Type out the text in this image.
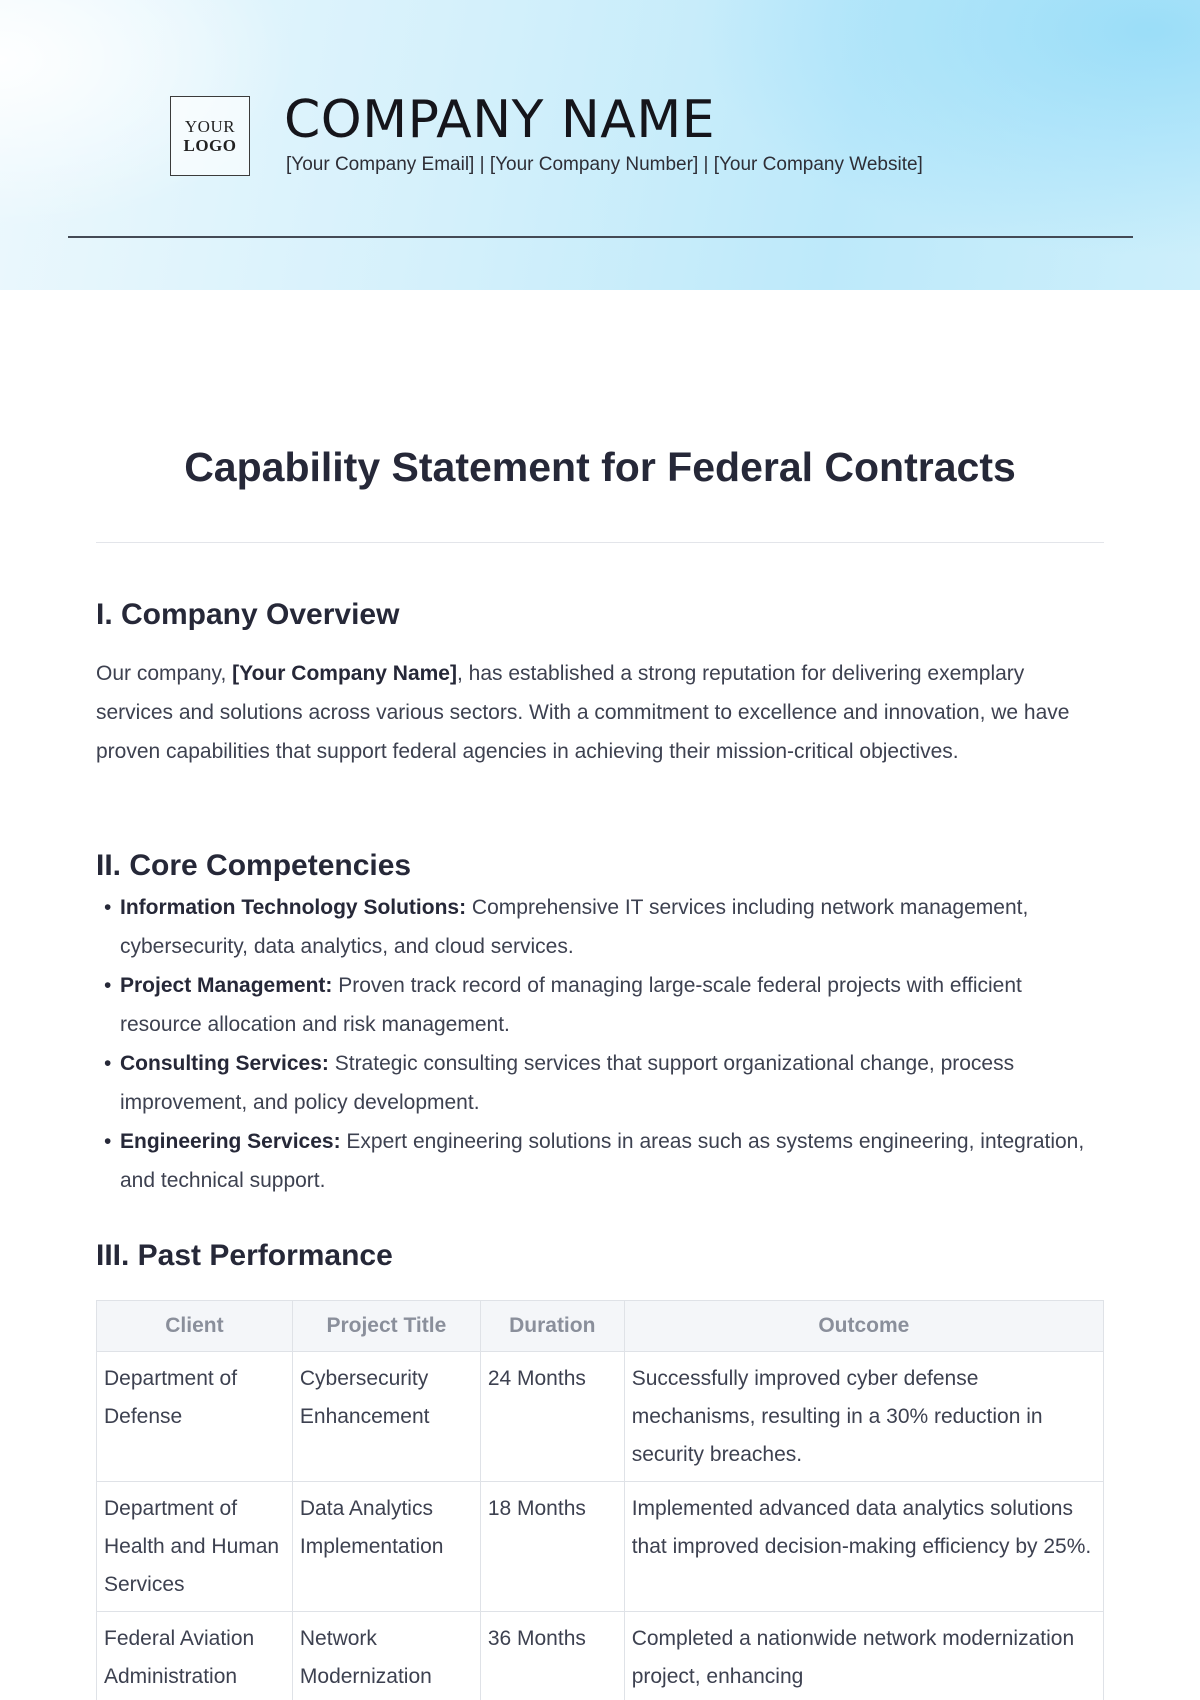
YOUR
LOGO COMPANY NAME
[Your Company Email] | [Your Company Number] | [Your Company Website]
Capability Statement for Federal Contracts
I. Company Overview

Our company, [Your Company Name], has established a strong reputation for delivering exemplary services and solutions across various sectors. With a commitment to excellence and innovation, we have proven capabilities that support federal agencies in achieving their mission-critical objectives.

II. Core Competencies
• Information Technology Solutions: Comprehensive IT services including network management, cybersecurity, data analytics, and cloud services.
• Project Management: Proven track record of managing large-scale federal projects with efficient resource allocation and risk management.
• Consulting Services: Strategic consulting services that support organizational change, process improvement, and policy development.
• Engineering Services: Expert engineering solutions in areas such as systems engineering, integration, and technical support.
III. Past Performance
Client	Project Title	Duration	Outcome
Department of Defense	Cybersecurity Enhancement	24 Months	Successfully improved cyber defense mechanisms, resulting in a 30% reduction in security breaches.
Department of Health and Human Services	Data Analytics Implementation	18 Months	Implemented advanced data analytics solutions that improved decision-making efficiency by 25%.
Federal Aviation Administration	Network Modernization	36 Months	Completed a nationwide network modernization project, enhancing
